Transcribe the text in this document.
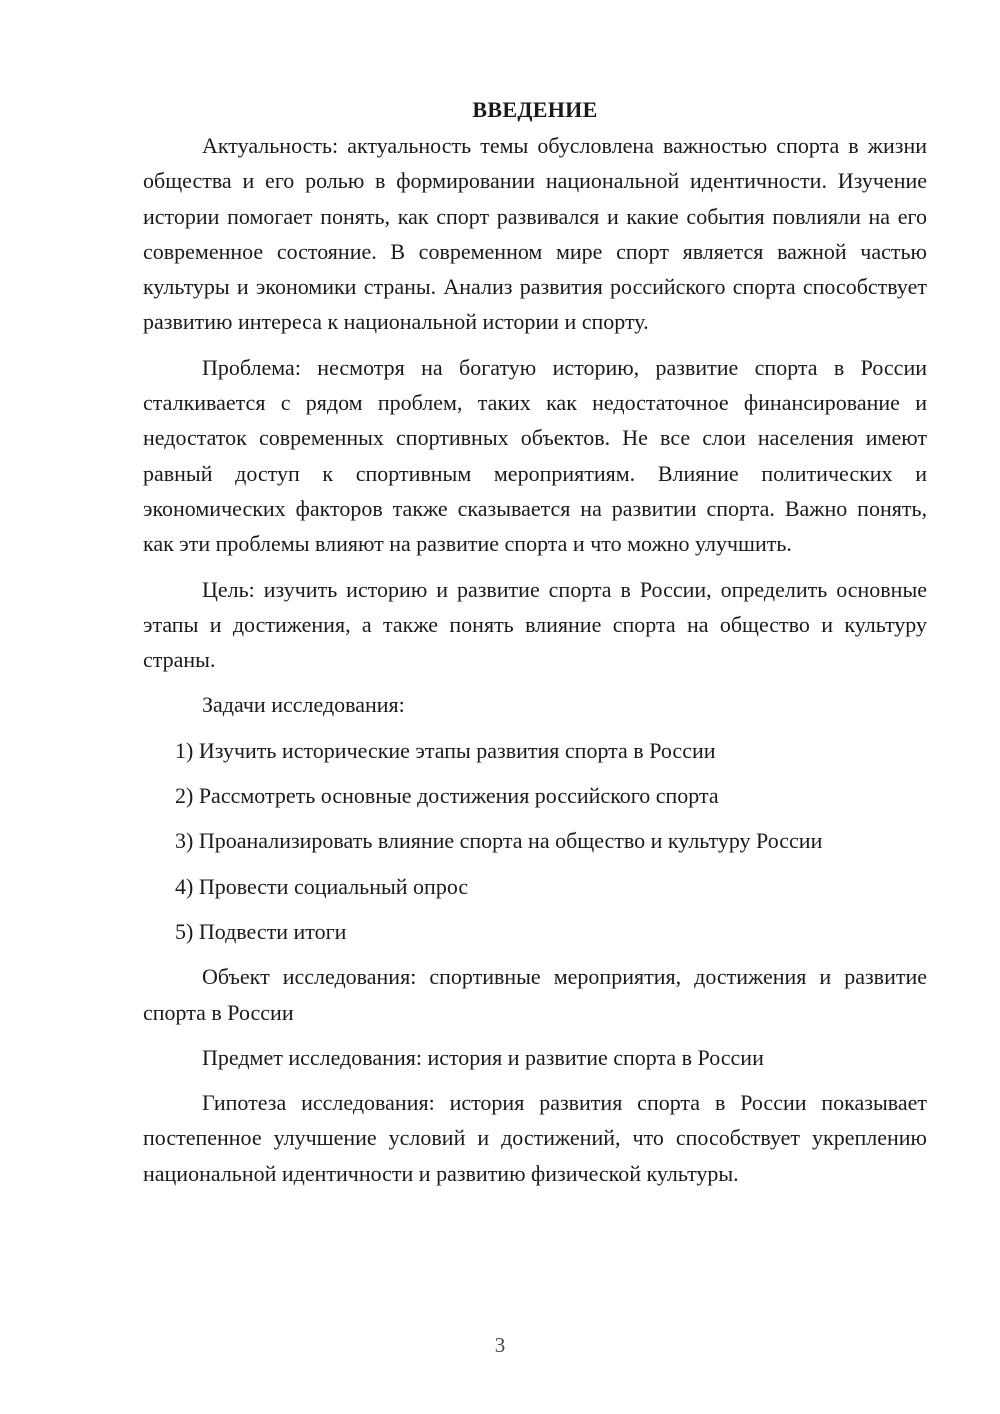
ВВЕДЕНИЕ

Актуальность: актуальность темы обусловлена важностью спорта в жизни общества и его ролью в формировании национальной идентичности. Изучение истории помогает понять, как спорт развивался и какие события повлияли на его современное состояние. В современном мире спорт является важной частью культуры и экономики страны. Анализ развития российского спорта способствует развитию интереса к национальной истории и спорту.

Проблема: несмотря на богатую историю, развитие спорта в России сталкивается с рядом проблем, таких как недостаточное финансирование и недостаток современных спортивных объектов. Не все слои населения имеют равный доступ к спортивным мероприятиям. Влияние политических и экономических факторов также сказывается на развитии спорта. Важно понять, как эти проблемы влияют на развитие спорта и что можно улучшить.

Цель: изучить историю и развитие спорта в России, определить основные этапы и достижения, а также понять влияние спорта на общество и культуру страны.

Задачи исследования:

1) Изучить исторические этапы развития спорта в России
2) Рассмотреть основные достижения российского спорта
3) Проанализировать влияние спорта на общество и культуру России
4) Провести социальный опрос
5) Подвести итоги

Объект исследования: спортивные мероприятия, достижения и развитие спорта в России

Предмет исследования: история и развитие спорта в России

Гипотеза исследования: история развития спорта в России показывает постепенное улучшение условий и достижений, что способствует укреплению национальной идентичности и развитию физической культуры.

3
